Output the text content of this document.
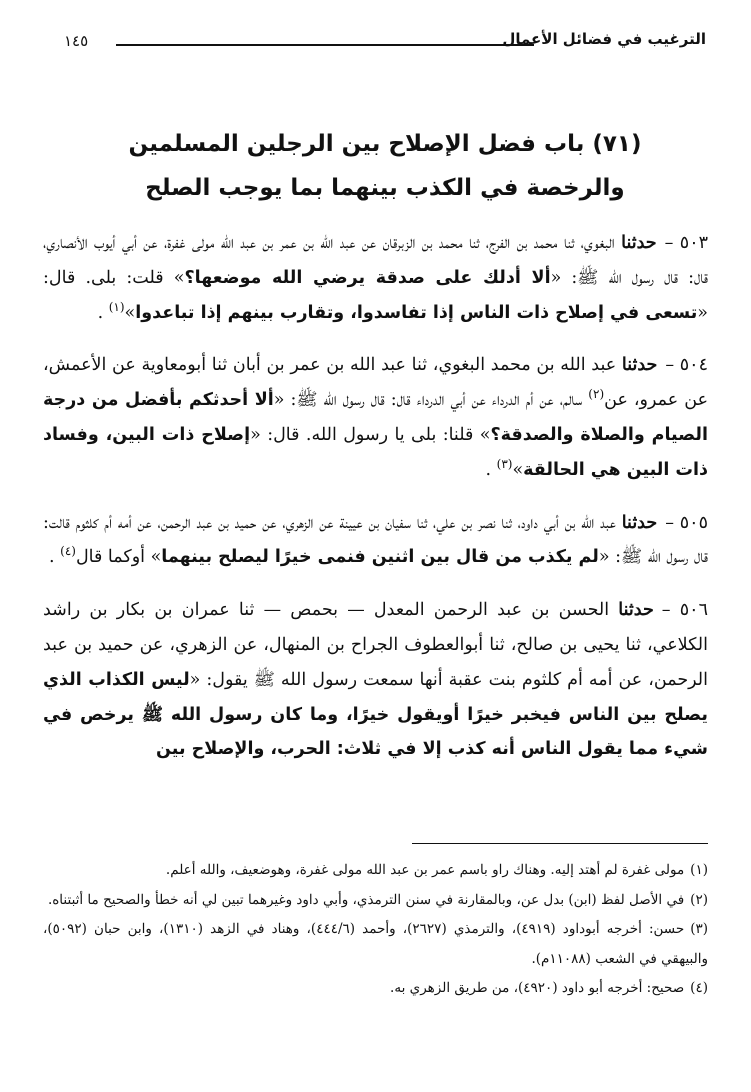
الترغيب في فضائل الأعمال
١٤٥
(٧١) باب فضل الإصلاح بين الرجلين المسلمين
والرخصة في الكذب بينهما بما يوجب الصلح

٥٠٣ –حدثنا البغوي، ثنا محمد بن الفرج، ثنا محمد بن الزبرقان عن عبد الله بن عمر بن عبد الله مولى غفرة، عن أبي أيوب الأنصاري، قال: قال رسول الله ﷺ: «ألا أدلك على صدقة يرضي الله موضعها؟» قلت: بلى. قال: «تسعى في إصلاح ذات الناس إذا تفاسدوا، وتقارب بينهم إذا تباعدوا»$^{(١)}$ .

٥٠٤ –حدثنا عبد الله بن محمد البغوي، ثنا عبد الله بن عمر بن أبان ثنا أبومعاوية عن الأعمش، عن عمرو، عن$^{(٢)}$ سالم، عن أم الدرداء عن أبي الدرداء قال: قال رسول الله ﷺ: «ألا أحدثكم بأفضل من درجة الصيام والصلاة والصدقة؟» قلنا: بلى يا رسول الله. قال: «إصلاح ذات البين، وفساد ذات البين هي الحالقة»$^{(٣)}$ .

٥٠٥ –حدثنا عبد الله بن أبي داود، ثنا نصر بن علي، ثنا سفيان بن عيينة عن الزهري، عن حميد بن عبد الرحمن، عن أمه أم كلثوم قالت: قال رسول الله ﷺ: «لم يكذب من قال بين اثنين فنمى خيرًا ليصلح بينهما» أوكما قال$^{(٤)}$ .

٥٠٦ –حدثنا الحسن بن عبد الرحمن المعدل — بحمص — ثنا عمران بن بكار بن راشد الكلاعي، ثنا يحيى بن صالح، ثنا أبوالعطوف الجراح بن المنهال، عن الزهري، عن حميد بن عبد الرحمن، عن أمه أم كلثوم بنت عقبة أنها سمعت رسول الله ﷺ يقول: «ليس الكذاب الذي يصلح بين الناس فيخبر خيرًا أويقول خيرًا، وما كان رسول الله ﷺ يرخص في شيء مما يقول الناس أنه كذب إلا في ثلاث: الحرب، والإصلاح بين

(١)مولى غفرة لم أهتد إليه. وهناك راو باسم عمر بن عبد الله مولى غفرة، وهوضعيف، والله أعلم.

(٢)في الأصل لفظ (ابن) بدل عن، وبالمقارنة في سنن الترمذي، وأبي داود وغيرهما تبين لي أنه خطأ والصحيح ما أثبتناه.

(٣)حسن: أخرجه أبوداود (٤٩١٩)، والترمذي (٢٦٢٧)، وأحمد (٤٤٤/٦)، وهناد في الزهد (١٣١٠)، وابن حبان (٥٠٩٢)، والبيهقي في الشعب (١١٠٨٨م).

(٤)صحيح: أخرجه أبو داود (٤٩٢٠)، من طريق الزهري به.
